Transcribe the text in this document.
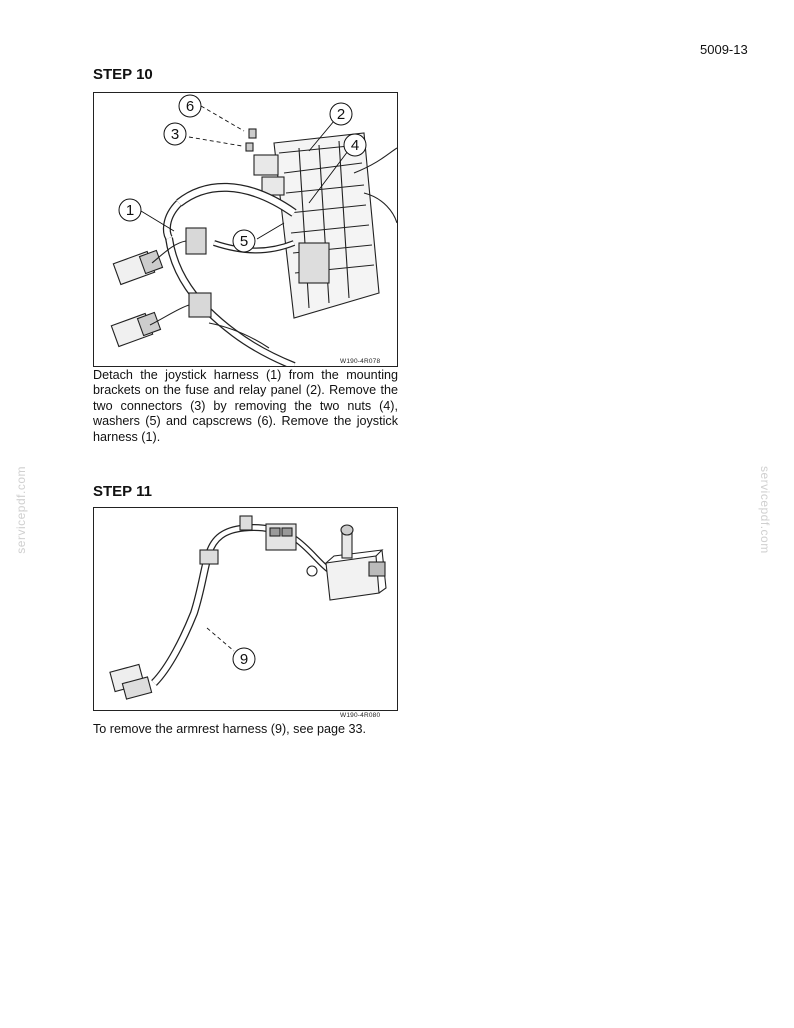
5009-13
servicepdf.com	servicepdf.com
STEP 10
6
3
2
4
1
5
W190-4R078
Detach the joystick harness (1) from the mounting brackets on the fuse and relay panel (2). Remove the two connectors (3) by removing the two nuts (4), washers (5) and capscrews (6). Remove the joystick harness (1).
STEP 11
9
W190-4R080
To remove the armrest harness (9), see page 33.
